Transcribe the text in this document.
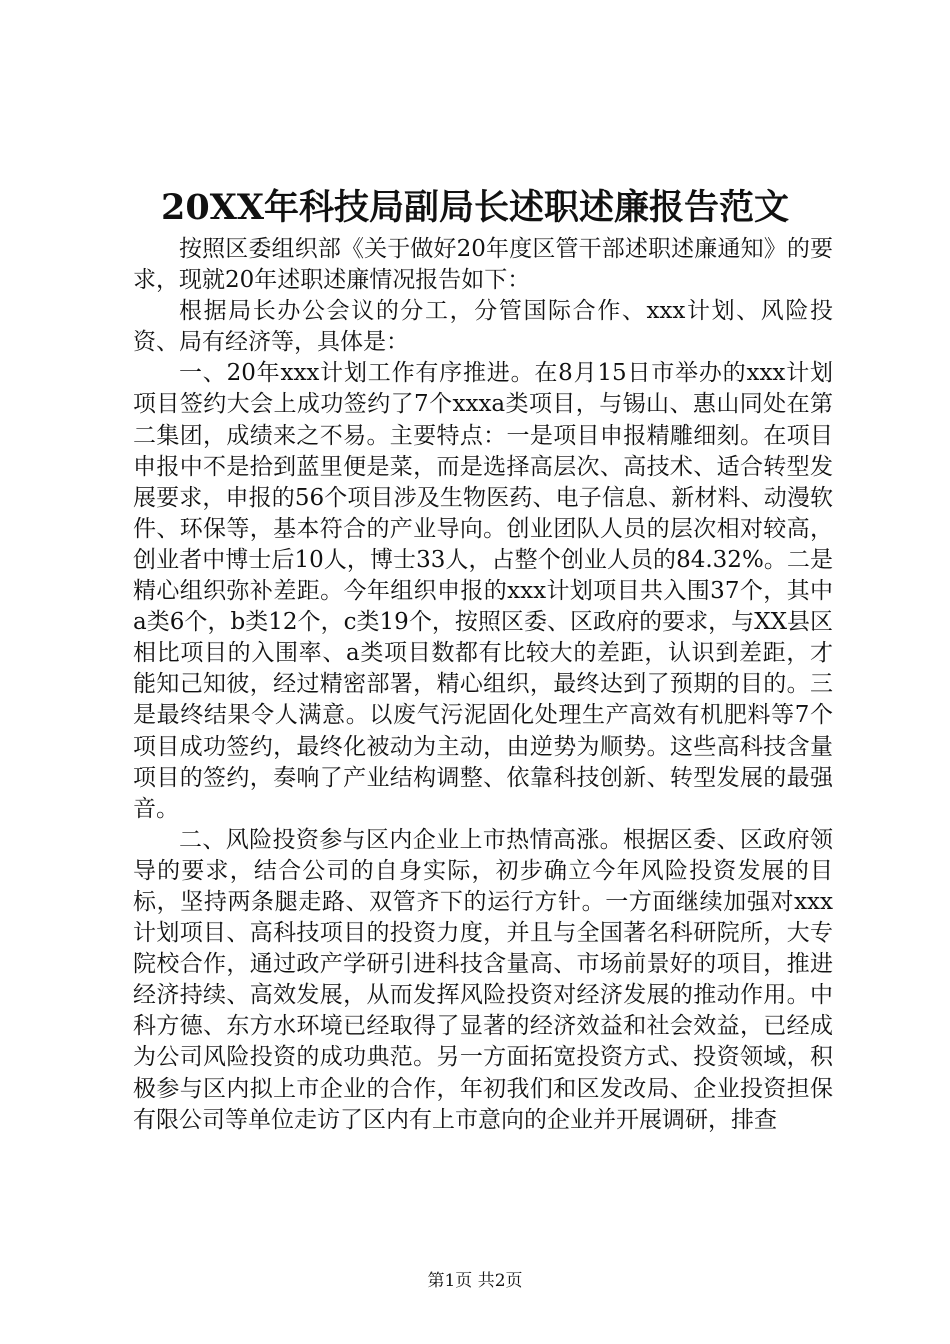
20XX年科技局副局长述职述廉报告范文

按照区委组织部《关于做好20年度区管干部述职述廉通知》的要求，现就20年述职述廉情况报告如下：

根据局长办公会议的分工，分管国际合作、xxx计划、风险投资、局有经济等，具体是：

一、20年xxx计划工作有序推进。在8月15日市举办的xxx计划项目签约大会上成功签约了7个xxxa类项目，与锡山、惠山同处在第二集团，成绩来之不易。主要特点：一是项目申报精雕细刻。在项目申报中不是拾到蓝里便是菜，而是选择高层次、高技术、适合转型发展要求，申报的56个项目涉及生物医药、电子信息、新材料、动漫软件、环保等，基本符合的产业导向。创业团队人员的层次相对较高，创业者中博士后10人，博士33人，占整个创业人员的84.32%。二是精心组织弥补差距。今年组织申报的xxx计划项目共入围37个，其中a类6个，b类12个，c类19个，按照区委、区政府的要求，与XX县区相比项目的入围率、a类项目数都有比较大的差距，认识到差距，才能知己知彼，经过精密部署，精心组织，最终达到了预期的目的。三是最终结果令人满意。以废气污泥固化处理生产高效有机肥料等7个项目成功签约，最终化被动为主动，由逆势为顺势。这些高科技含量项目的签约，奏响了产业结构调整、依靠科技创新、转型发展的最强音。

二、风险投资参与区内企业上市热情高涨。根据区委、区政府领导的要求，结合公司的自身实际，初步确立今年风险投资发展的目标，坚持两条腿走路、双管齐下的运行方针。一方面继续加强对xxx计划项目、高科技项目的投资力度，并且与全国著名科研院所，大专院校合作，通过政产学研引进科技含量高、市场前景好的项目，推进经济持续、高效发展，从而发挥风险投资对经济发展的推动作用。中科方德、东方水环境已经取得了显著的经济效益和社会效益，已经成为公司风险投资的成功典范。另一方面拓宽投资方式、投资领域，积极参与区内拟上市企业的合作，年初我们和区发改局、企业投资担保有限公司等单位走访了区内有上市意向的企业并开展调研，排查

第1页 共2页
